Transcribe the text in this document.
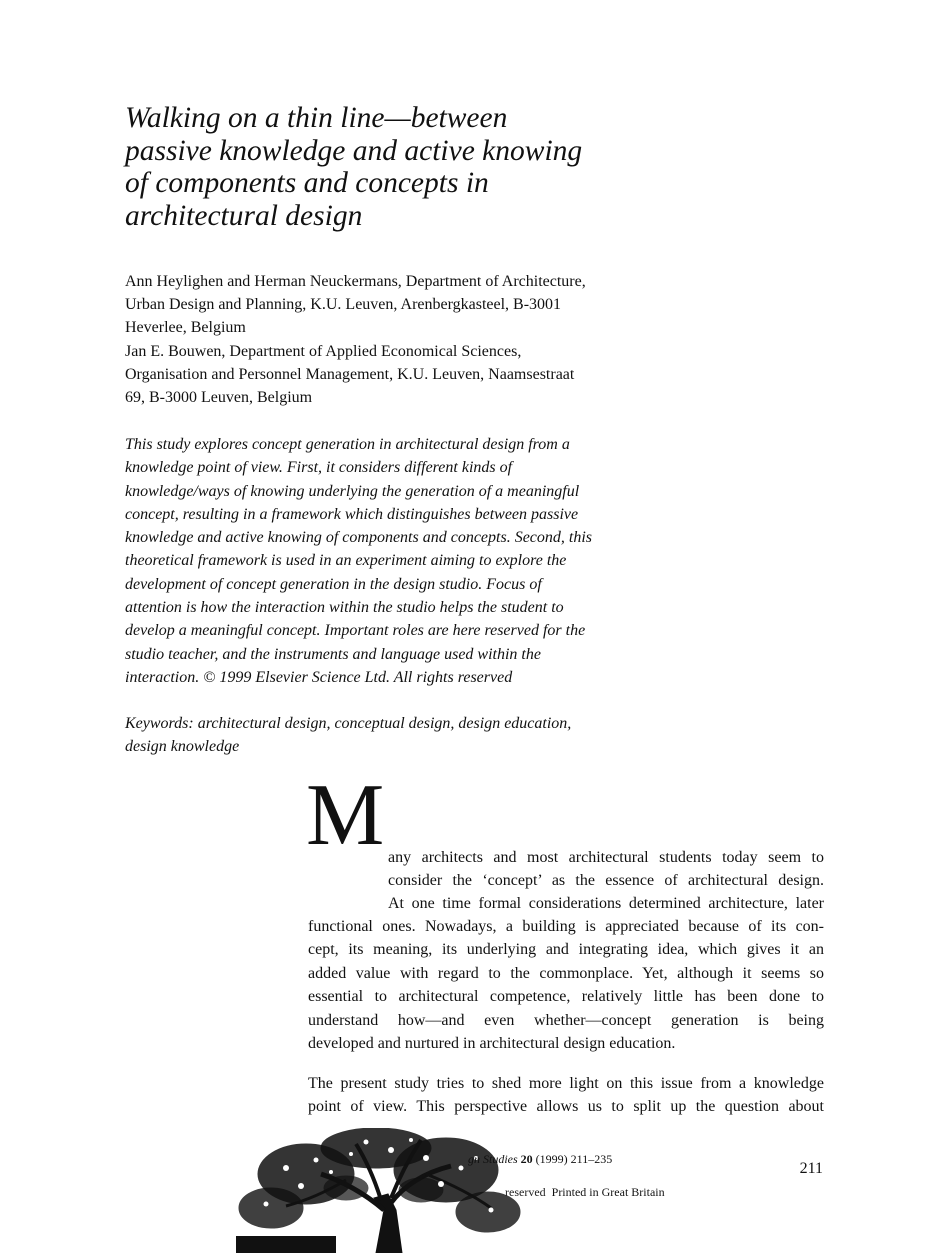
Walking on a thin line—between
passive knowledge and active knowing
of components and concepts in
architectural design
Ann Heylighen and Herman Neuckermans, Department of Architecture,
Urban Design and Planning, K.U. Leuven, Arenbergkasteel, B-3001
Heverlee, Belgium
Jan E. Bouwen, Department of Applied Economical Sciences,
Organisation and Personnel Management, K.U. Leuven, Naamsestraat
69, B-3000 Leuven, Belgium
This study explores concept generation in architectural design from a
knowledge point of view. First, it considers different kinds of
knowledge/ways of knowing underlying the generation of a meaningful
concept, resulting in a framework which distinguishes between passive
knowledge and active knowing of components and concepts. Second, this
theoretical framework is used in an experiment aiming to explore the
development of concept generation in the design studio. Focus of
attention is how the interaction within the studio helps the student to
develop a meaningful concept. Important roles are here reserved for the
studio teacher, and the instruments and language used within the
interaction. © 1999 Elsevier Science Ltd. All rights reserved
Keywords: architectural design, conceptual design, design education,
design knowledge
M any architects and most architectural students today seem to
consider the ‘concept’ as the essence of architectural design.
At one time formal considerations determined architecture, later
functional ones. Nowadays, a building is appreciated because of its con-
cept, its meaning, its underlying and integrating idea, which gives it an
added value with regard to the commonplace. Yet, although it seems so
essential to architectural competence, relatively little has been done to
understand how—and even whether—concept generation is being
developed and nurtured in architectural design education.
The present study tries to shed more light on this issue from a knowledge
point of view. This perspective allows us to split up the question about
gn Studies 20 (1999) 211–235
reserved Printed in Great Britain
211
